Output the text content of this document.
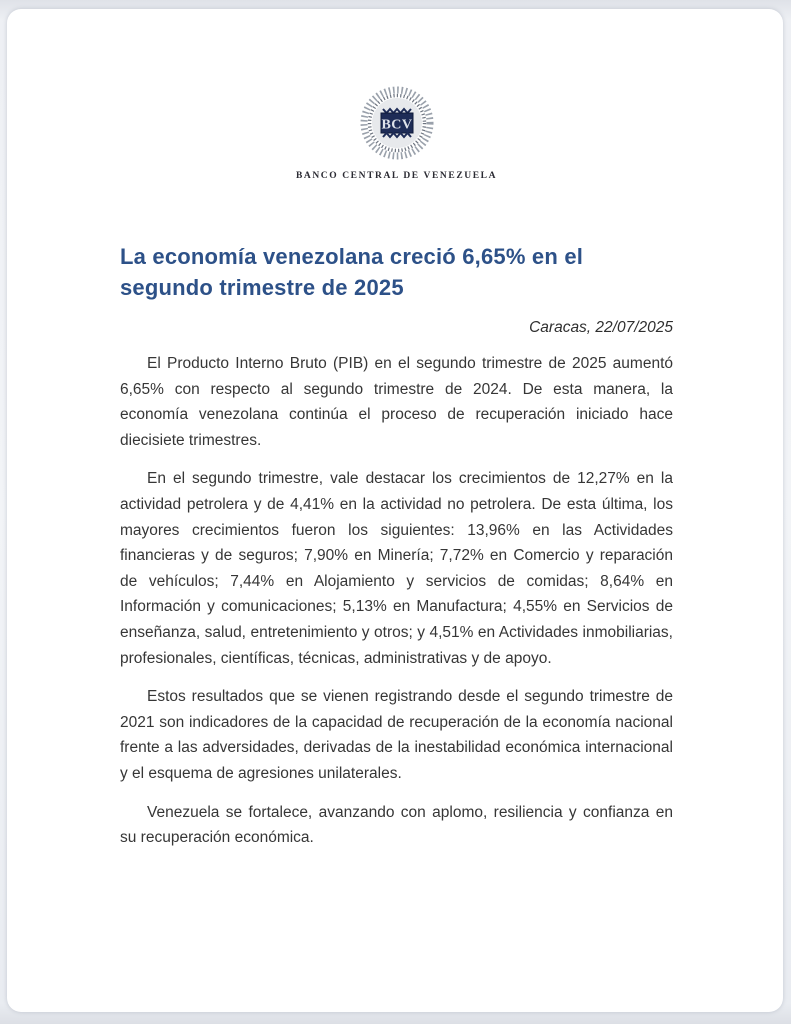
BCV
BANCO CENTRAL DE VENEZUELA
La economía venezolana creció 6,65% en el segundo trimestre de 2025
Caracas, 22/07/2025

El Producto Interno Bruto (PIB) en el segundo trimestre de 2025 aumentó 6,65% con respecto al segundo trimestre de 2024. De esta manera, la economía venezolana continúa el proceso de recuperación iniciado hace diecisiete trimestres.

En el segundo trimestre, vale destacar los crecimientos de 12,27% en la actividad petrolera y de 4,41% en la actividad no petrolera. De esta última, los mayores crecimientos fueron los siguientes: 13,96% en las Actividades financieras y de seguros; 7,90% en Minería; 7,72% en Comercio y reparación de vehículos; 7,44% en Alojamiento y servicios de comidas; 8,64% en Información y comunicaciones; 5,13% en Manufactura; 4,55% en Servicios de enseñanza, salud, entretenimiento y otros; y 4,51% en Actividades inmobiliarias, profesionales, científicas, técnicas, administrativas y de apoyo.

Estos resultados que se vienen registrando desde el segundo trimestre de 2021 son indicadores de la capacidad de recuperación de la economía nacional frente a las adversidades, derivadas de la inestabilidad económica internacional y el esquema de agresiones unilaterales.

Venezuela se fortalece, avanzando con aplomo, resiliencia y confianza en su recuperación económica.
